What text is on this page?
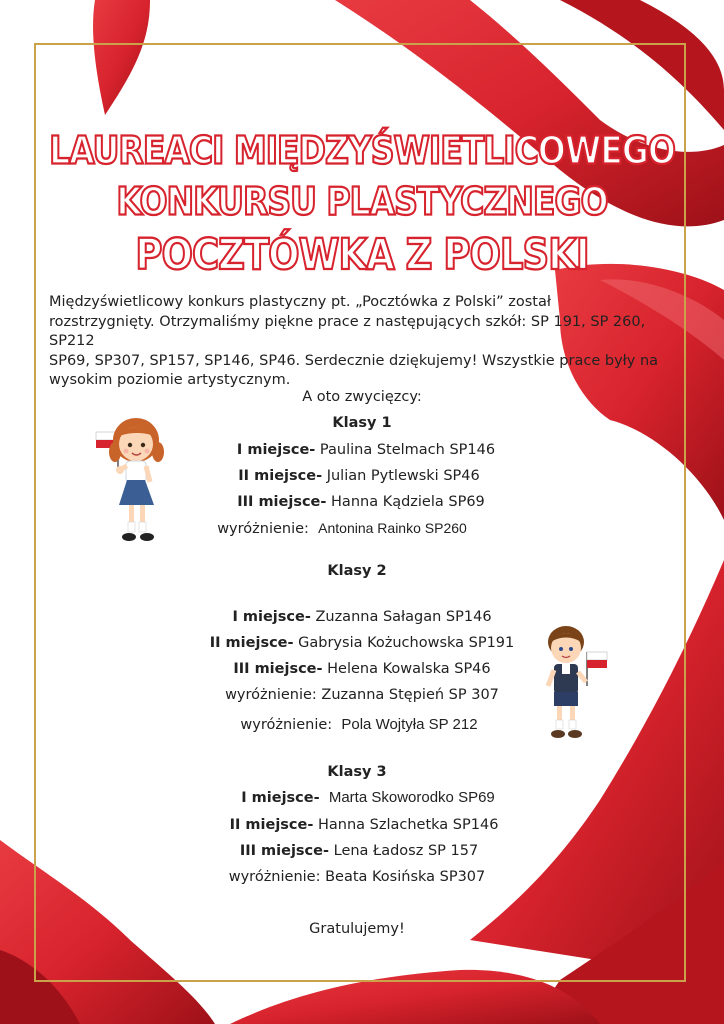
LAUREACI MIĘDZYŚWIETLICOWEGO
KONKURSU PLASTYCZNEGO
POCZTÓWKA Z POLSKI
Międzyświetlicowy konkurs plastyczny pt. „Pocztówka z Polski” został
rozstrzygnięty. Otrzymaliśmy piękne prace z następujących szkół: SP 191, SP 260, SP212
SP69, SP307, SP157, SP146, SP46. Serdecznie dziękujemy! Wszystkie prace były na
wysokim poziomie artystycznym.
A oto zwycięzcy:
Klasy 1
I miejsce- Paulina Stelmach SP146
II miejsce- Julian Pytlewski SP46
III miejsce- Hanna Kądziela SP69
wyróżnienie: Antonina Rainko SP260
Klasy 2
I miejsce- Zuzanna Sałagan SP146
II miejsce- Gabrysia Kożuchowska SP191
III miejsce- Helena Kowalska SP46
wyróżnienie: Zuzanna Stępień SP 307
wyróżnienie: Pola Wojtyła SP 212
Klasy 3
I miejsce- Marta Skoworodko SP69
II miejsce- Hanna Szlachetka SP146
III miejsce- Lena Ładosz SP 157
wyróżnienie: Beata Kosińska SP307
Gratulujemy!
